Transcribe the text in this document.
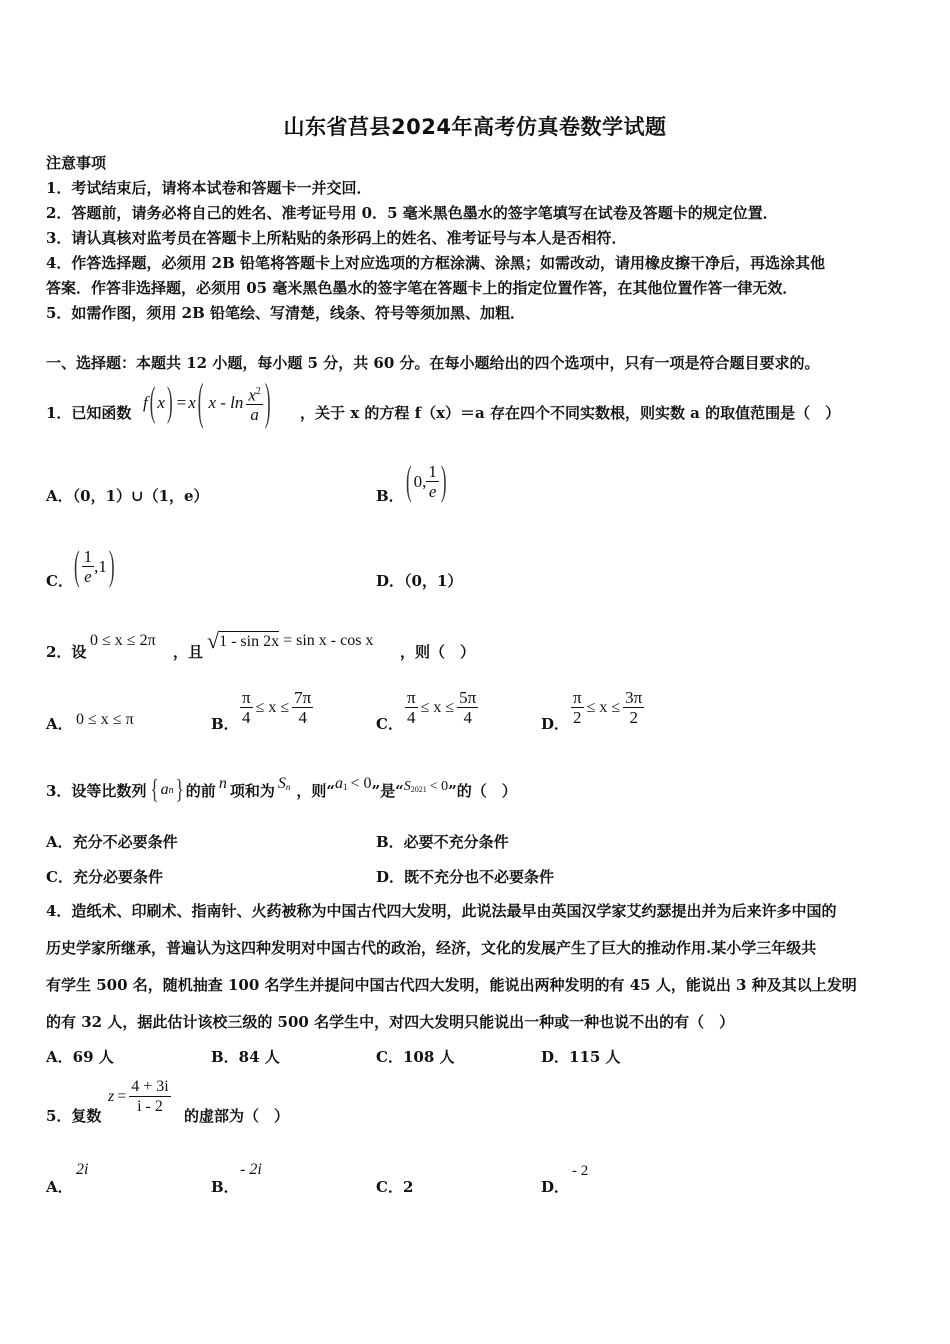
山东省莒县2024年高考仿真卷数学试题
注意事项
1．考试结束后，请将本试卷和答题卡一并交回．
2．答题前，请务必将自己的姓名、准考证号用 0．5 毫米黑色墨水的签字笔填写在试卷及答题卡的规定位置．
3．请认真核对监考员在答题卡上所粘贴的条形码上的姓名、准考证号与本人是否相符．
4．作答选择题，必须用 2B 铅笔将答题卡上对应选项的方框涂满、涂黑；如需改动，请用橡皮擦干净后，再选涂其他
答案．作答非选择题，必须用 05 毫米黑色墨水的签字笔在答题卡上的指定位置作答，在其他位置作答一律无效．
5．如需作图，须用 2B 铅笔绘、写清楚，线条、符号等须加黑、加粗．
一、选择题：本题共 12 小题，每小题 5 分，共 60 分。在每小题给出的四个选项中，只有一项是符合题目要求的。
1．已知函数
f ( x ) = x ( x - $\ln \frac{x^2}{a}$ ) ，关于 x 的方程 f（x）＝a 存在四个不同实数根，则实数 a 的取值范围是（　）
A．（0，1）∪（1，e）	B． ( 0, $\frac{1}{e}$ )
C． ( $\frac{1}{e} ,1$ )	D．（0，1）
2．设
0 ≤ x ≤ 2π
，且 √ 1 - sin 2x = sin x - cos x
，则（　）
A． 0 ≤ x ≤ π	B． $\frac{\pi}{4} \le x \le \frac{7\pi}{4}$	C． $\frac{\pi}{4} \le x \le \frac{5\pi}{4}$	D． $\frac{\pi}{2} \le x \le \frac{3\pi}{2}$
3．设等比数列 { a n } 的前 n 项和为 $S_n$ ，则“ $a_1 < 0$ ”是“ $S_{2021} < 0$ ”的（　）
A．充分不必要条件	B．必要不充分条件
C．充分必要条件	D．既不充分也不必要条件
4．造纸术、印刷术、指南针、火药被称为中国古代四大发明，此说法最早由英国汉学家艾约瑟提出并为后来许多中国的
历史学家所继承，普遍认为这四种发明对中国古代的政治，经济，文化的发展产生了巨大的推动作用.某小学三年级共
有学生 500 名，随机抽查 100 名学生并提问中国古代四大发明，能说出两种发明的有 45 人，能说出 3 种及其以上发明
的有 32 人，据此估计该校三级的 500 名学生中，对四大发明只能说出一种或一种也说不出的有（　）
A．69 人	B．84 人	C．108 人	D．115 人
5．复数
$z = \frac{4 + 3i}{i - 2}$ 的虚部为（　）
A．
2i
B．
- 2i
C．2	D．
- 2
